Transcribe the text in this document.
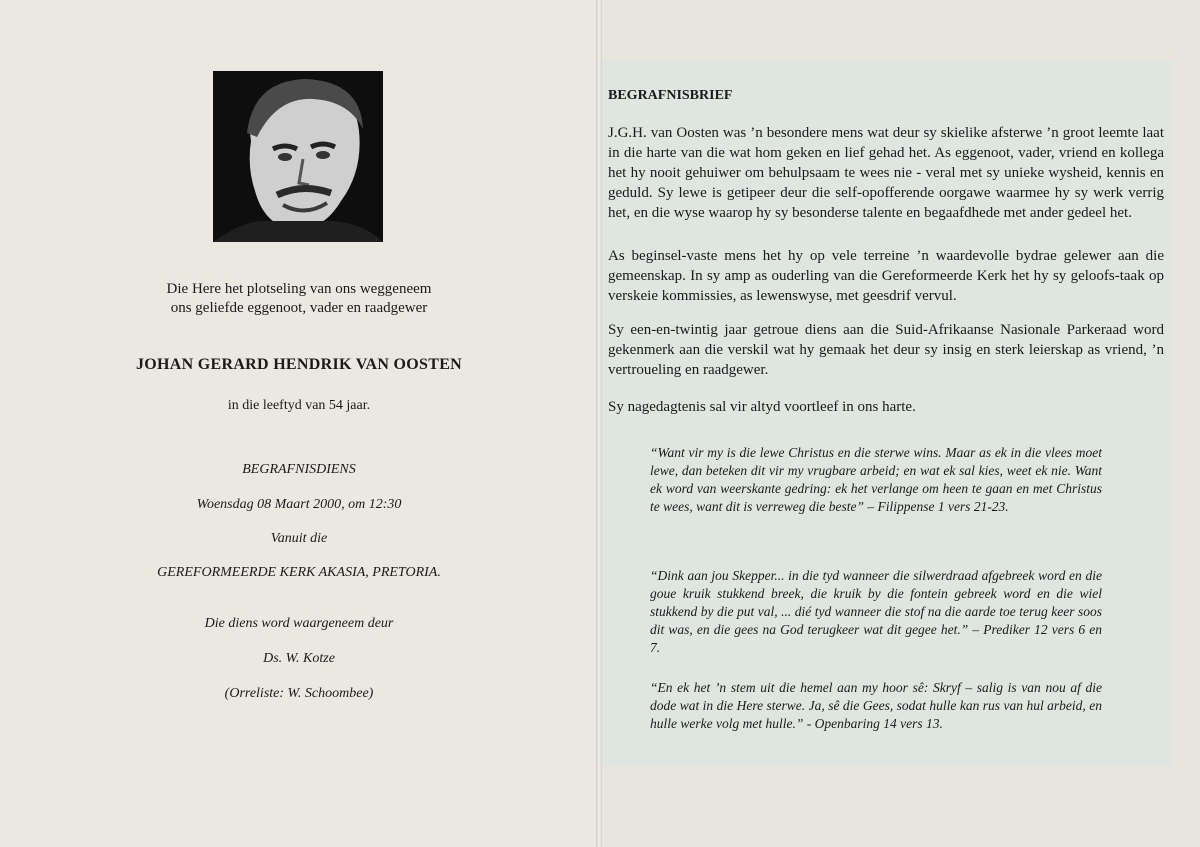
Die Here het plotseling van ons weggeneem
ons geliefde eggenoot, vader en raadgewer
JOHAN GERARD HENDRIK VAN OOSTEN
in die leeftyd van 54 jaar.
BEGRAFNISDIENS
Woensdag 08 Maart 2000, om 12:30
Vanuit die
GEREFORMEERDE KERK AKASIA, PRETORIA.
Die diens word waargeneem deur
Ds. W. Kotze
(Orreliste: W. Schoombee)
BEGRAFNISBRIEF

J.G.H. van Oosten was ’n besondere mens wat deur sy skielike afsterwe ’n groot leemte laat in die harte van die wat hom geken en lief gehad het. As eggenoot, vader, vriend en kollega het hy nooit gehuiwer om behulpsaam te wees nie - veral met sy unieke wysheid, kennis en geduld. Sy lewe is getipeer deur die self-opofferende oorgawe waarmee hy sy werk verrig het, en die wyse waarop hy sy besonderse talente en begaafdhede met ander gedeel het.

As beginsel-vaste mens het hy op vele terreine ’n waardevolle bydrae gelewer aan die gemeenskap. In sy amp as ouderling van die Gereformeerde Kerk het hy sy geloofs-taak op verskeie kommissies, as lewenswyse, met geesdrif vervul.

Sy een-en-twintig jaar getroue diens aan die Suid-Afrikaanse Nasionale Parkeraad word gekenmerk aan die verskil wat hy gemaak het deur sy insig en sterk leierskap as vriend, ’n vertroueling en raadgewer.

Sy nagedagtenis sal vir altyd voortleef in ons harte.

“Want vir my is die lewe Christus en die sterwe wins. Maar as ek in die vlees moet lewe, dan beteken dit vir my vrugbare arbeid; en wat ek sal kies, weet ek nie. Want ek word van weerskante gedring: ek het verlange om heen te gaan en met Christus te wees, want dit is verreweg die beste” – Filippense 1 vers 21-23.

“Dink aan jou Skepper... in die tyd wanneer die silwerdraad afgebreek word en die goue kruik stukkend breek, die kruik by die fontein gebreek word en die wiel stukkend by die put val, ... dié tyd wanneer die stof na die aarde toe terug keer soos dit was, en die gees na God terugkeer wat dit gegee het.” – Prediker 12 vers 6 en 7.

“En ek het ’n stem uit die hemel aan my hoor sê: Skryf – salig is van nou af die dode wat in die Here sterwe. Ja, sê die Gees, sodat hulle kan rus van hul arbeid, en hulle werke volg met hulle.” - Openbaring 14 vers 13.
